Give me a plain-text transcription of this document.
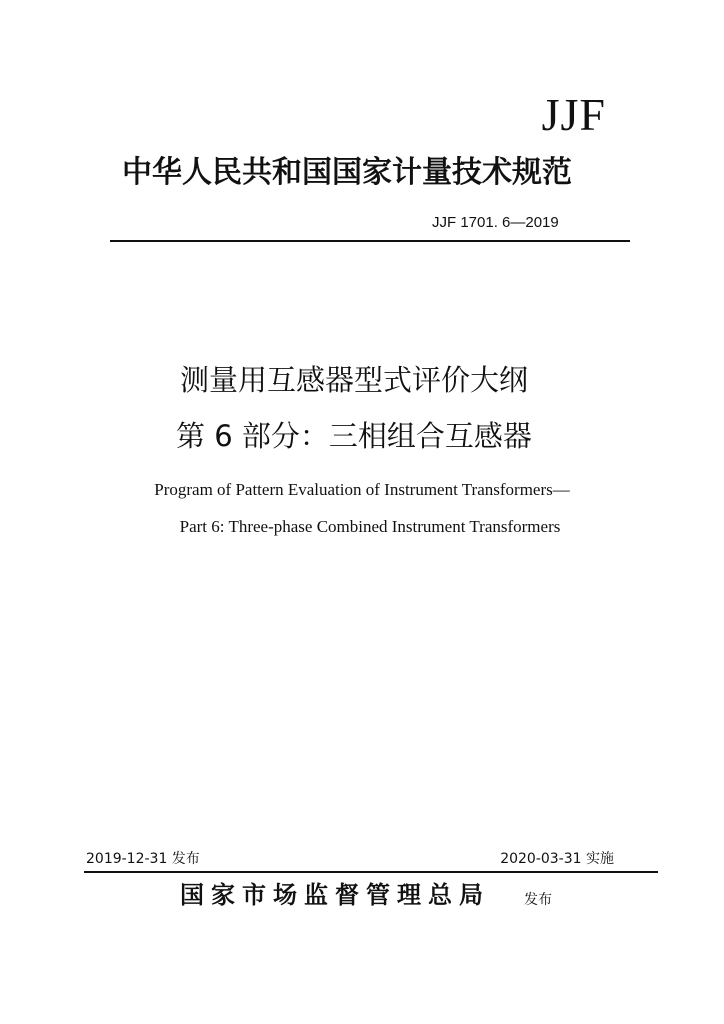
JJF
中华人民共和国国家计量技术规范
JJF 1701. 6—2019
测量用互感器型式评价大纲
第 6 部分：三相组合互感器
Program of Pattern Evaluation of Instrument Transformers—
Part 6: Three-phase Combined Instrument Transformers
2019-12-31 发布	2020-03-31 实施
国家市场监督管理总局 发布
